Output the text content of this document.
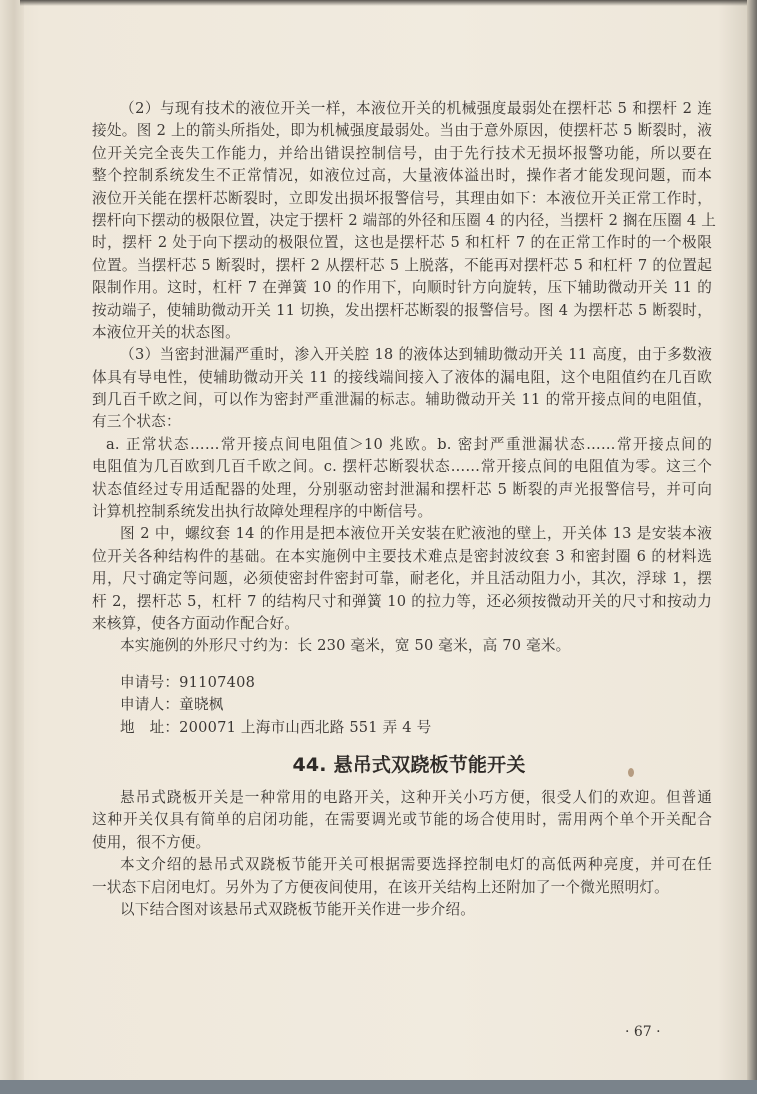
（2）与现有技术的液位开关一样，本液位开关的机械强度最弱处在摆杆芯 5 和摆杆 2 连
接处。图 2 上的箭头所指处，即为机械强度最弱处。当由于意外原因，使摆杆芯 5 断裂时，液
位开关完全丧失工作能力，并给出错误控制信号，由于先行技术无损坏报警功能，所以要在
整个控制系统发生不正常情况，如液位过高，大量液体溢出时，操作者才能发现问题，而本
液位开关能在摆杆芯断裂时，立即发出损坏报警信号，其理由如下：本液位开关正常工作时，
摆杆向下摆动的极限位置，决定于摆杆 2 端部的外径和压圈 4 的内径，当摆杆 2 搁在压圈 4 上
时，摆杆 2 处于向下摆动的极限位置，这也是摆杆芯 5 和杠杆 7 的在正常工作时的一个极限
位置。当摆杆芯 5 断裂时，摆杆 2 从摆杆芯 5 上脱落，不能再对摆杆芯 5 和杠杆 7 的位置起
限制作用。这时，杠杆 7 在弹簧 10 的作用下，向顺时针方向旋转，压下辅助微动开关 11 的
按动端子，使辅助微动开关 11 切换，发出摆杆芯断裂的报警信号。图 4 为摆杆芯 5 断裂时，
本液位开关的状态图。
（3）当密封泄漏严重时，渗入开关腔 18 的液体达到辅助微动开关 11 高度，由于多数液
体具有导电性，使辅助微动开关 11 的接线端间接入了液体的漏电阻，这个电阻值约在几百欧
到几百千欧之间，可以作为密封严重泄漏的标志。辅助微动开关 11 的常开接点间的电阻值，
有三个状态：
a. 正常状态……常开接点间电阻值＞10 兆欧。b. 密封严重泄漏状态……常开接点间的
电阻值为几百欧到几百千欧之间。c. 摆杆芯断裂状态……常开接点间的电阻值为零。这三个
状态值经过专用适配器的处理，分别驱动密封泄漏和摆杆芯 5 断裂的声光报警信号，并可向
计算机控制系统发出执行故障处理程序的中断信号。
图 2 中，螺纹套 14 的作用是把本液位开关安装在贮液池的壁上，开关体 13 是安装本液
位开关各种结构件的基础。在本实施例中主要技术难点是密封波纹套 3 和密封圈 6 的材料选
用，尺寸确定等问题，必须使密封件密封可靠，耐老化，并且活动阻力小，其次，浮球 1，摆
杆 2，摆杆芯 5，杠杆 7 的结构尺寸和弹簧 10 的拉力等，还必须按微动开关的尺寸和按动力
来核算，使各方面动作配合好。
本实施例的外形尺寸约为：长 230 毫米，宽 50 毫米，高 70 毫米。
申请号：91107408
申请人：童晓枫
地　址：200071 上海市山西北路 551 弄 4 号
44. 悬吊式双跷板节能开关
悬吊式跷板开关是一种常用的电路开关，这种开关小巧方便，很受人们的欢迎。但普通
这种开关仅具有简单的启闭功能，在需要调光或节能的场合使用时，需用两个单个开关配合
使用，很不方便。
本文介绍的悬吊式双跷板节能开关可根据需要选择控制电灯的高低两种亮度，并可在任
一状态下启闭电灯。另外为了方便夜间使用，在该开关结构上还附加了一个微光照明灯。
以下结合图对该悬吊式双跷板节能开关作进一步介绍。
· 67 ·
